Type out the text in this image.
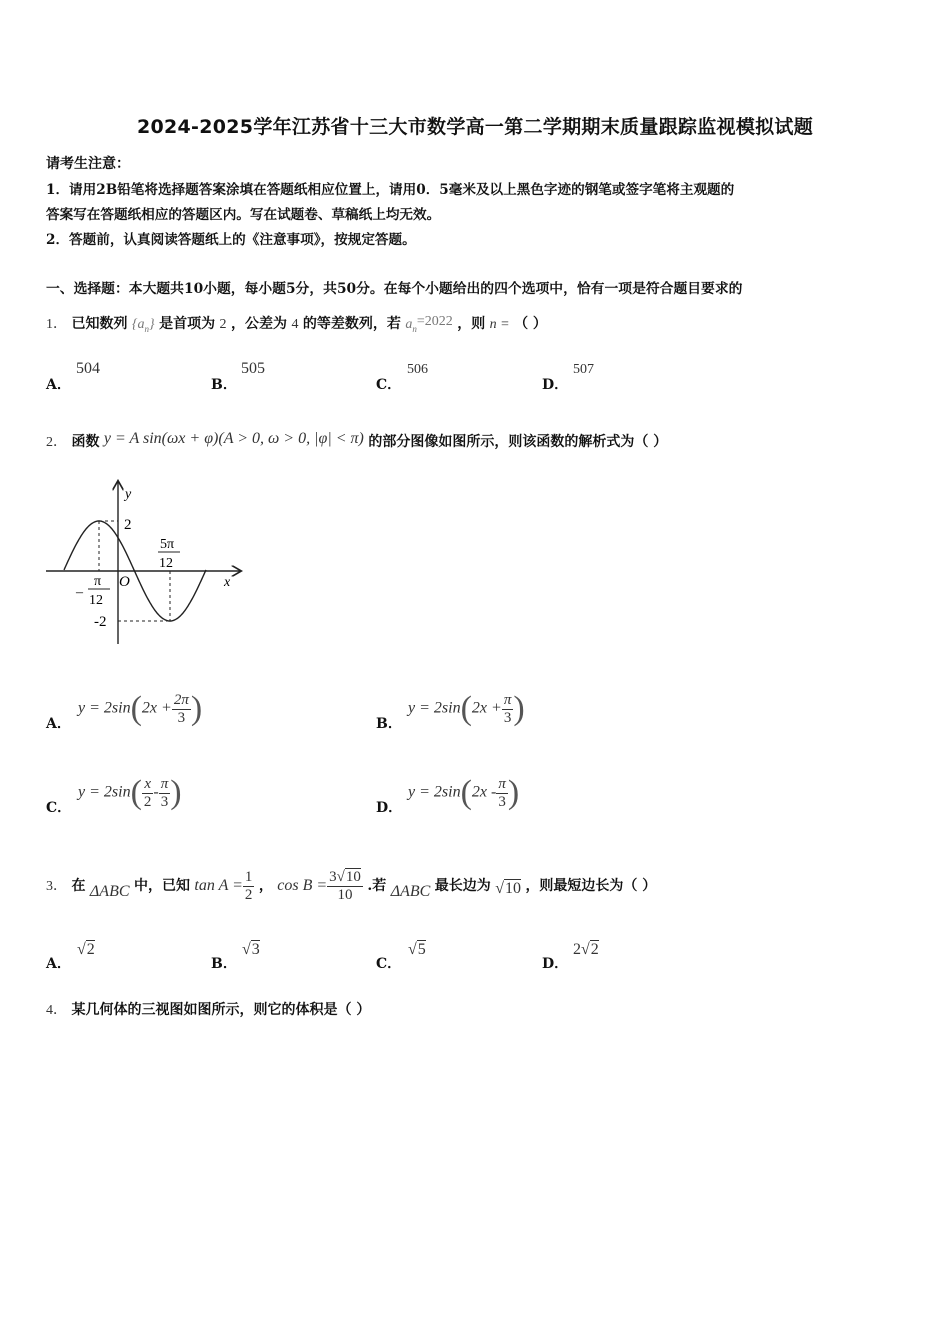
2024-2025学年江苏省十三大市数学高一第二学期期末质量跟踪监视模拟试题
请考生注意：
1．请用2B铅笔将选择题答案涂填在答题纸相应位置上，请用0．5毫米及以上黑色字迹的钢笔或签字笔将主观题的
答案写在答题纸相应的答题区内。写在试题卷、草稿纸上均无效。
2．答题前，认真阅读答题纸上的《注意事项》，按规定答题。
一、选择题：本大题共10小题，每小题5分，共50分。在每个小题给出的四个选项中，恰有一项是符合题目要求的
1． 已知数列 $\{a_n\}$ 是首项为 2 ，公差为 4 的等差数列，若 $a_n=2022$ ，则 n = （ ）
A．
504
B．
505
C．
506
D．
507
2． 函数 y = A sin(ωx + φ)(A > 0, ω > 0, |φ| < π) 的部分图像如图所示，则该函数的解析式为（ ）
y
x
O
2
-2
–
π
12
5π
12
A．
$y = 2\sin(2x + \frac{2\pi}{3}$ )	B．
$y = 2\sin(2x + \frac{\pi}{3}$ )
C．
$y = 2\sin( \frac{x}{2} - \frac{\pi}{3}$ )	D．
$y = 2\sin(2x - \frac{\pi}{3}$ )
3． 在 ΔABC 中，已知 $\tan A = \frac{1}{2}$ ， $\cos B = \frac{3√10}{10}$ .若 ΔABC 最长边为 √10 ，则最短边长为（ ）
A．
√2
B．
√3
C．
√5
D．
2√2
4． 某几何体的三视图如图所示，则它的体积是（ ）
